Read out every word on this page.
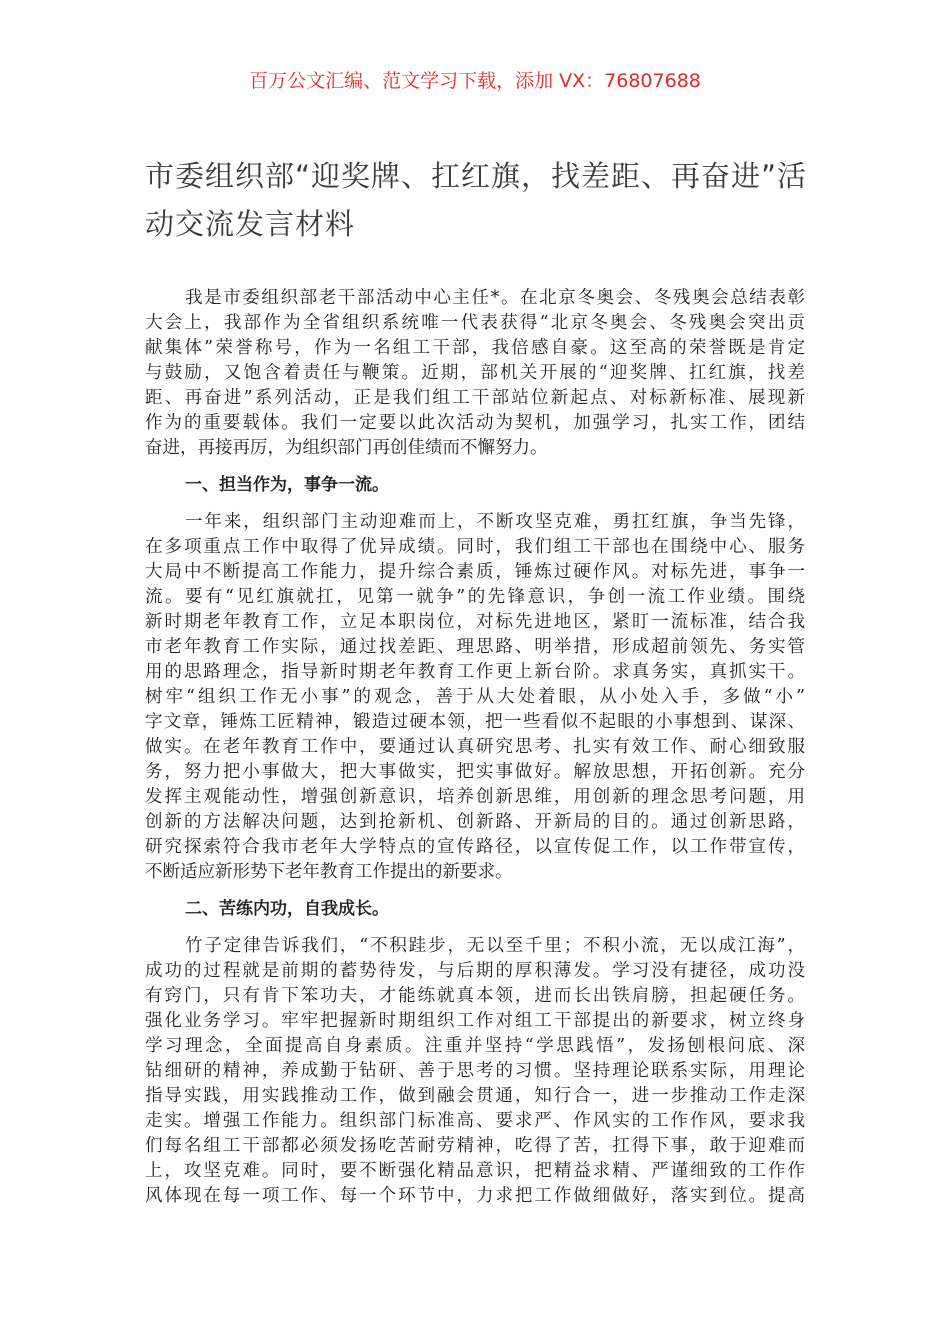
百万公文汇编、范文学习下载，添加 VX：76807688
市委组织部“迎奖牌、扛红旗，找差距、再奋进”活
动交流发言材料
我是市委组织部老干部活动中心主任*。在北京冬奥会、冬残奥会总结表彰
大会上，我部作为全省组织系统唯一代表获得“北京冬奥会、冬残奥会突出贡
献集体”荣誉称号，作为一名组工干部，我倍感自豪。这至高的荣誉既是肯定
与鼓励，又饱含着责任与鞭策。近期，部机关开展的“迎奖牌、扛红旗，找差
距、再奋进”系列活动，正是我们组工干部站位新起点、对标新标准、展现新
作为的重要载体。我们一定要以此次活动为契机，加强学习，扎实工作，团结
奋进，再接再厉，为组织部门再创佳绩而不懈努力。
一、担当作为，事争一流。
一年来，组织部门主动迎难而上，不断攻坚克难，勇扛红旗，争当先锋，
在多项重点工作中取得了优异成绩。同时，我们组工干部也在围绕中心、服务
大局中不断提高工作能力，提升综合素质，锤炼过硬作风。对标先进，事争一
流。要有“见红旗就扛，见第一就争”的先锋意识，争创一流工作业绩。围绕
新时期老年教育工作，立足本职岗位，对标先进地区，紧盯一流标准，结合我
市老年教育工作实际，通过找差距、理思路、明举措，形成超前领先、务实管
用的思路理念，指导新时期老年教育工作更上新台阶。求真务实，真抓实干。
树牢“组织工作无小事”的观念，善于从大处着眼，从小处入手，多做“小”
字文章，锤炼工匠精神，锻造过硬本领，把一些看似不起眼的小事想到、谋深、
做实。在老年教育工作中，要通过认真研究思考、扎实有效工作、耐心细致服
务，努力把小事做大，把大事做实，把实事做好。解放思想，开拓创新。充分
发挥主观能动性，增强创新意识，培养创新思维，用创新的理念思考问题，用
创新的方法解决问题，达到抢新机、创新路、开新局的目的。通过创新思路，
研究探索符合我市老年大学特点的宣传路径，以宣传促工作，以工作带宣传，
不断适应新形势下老年教育工作提出的新要求。
二、苦练内功，自我成长。
竹子定律告诉我们，“不积跬步，无以至千里；不积小流，无以成江海”，
成功的过程就是前期的蓄势待发，与后期的厚积薄发。学习没有捷径，成功没
有窍门，只有肯下笨功夫，才能练就真本领，进而长出铁肩膀，担起硬任务。
强化业务学习。牢牢把握新时期组织工作对组工干部提出的新要求，树立终身
学习理念，全面提高自身素质。注重并坚持“学思践悟”，发扬刨根问底、深
钻细研的精神，养成勤于钻研、善于思考的习惯。坚持理论联系实际，用理论
指导实践，用实践推动工作，做到融会贯通，知行合一，进一步推动工作走深
走实。增强工作能力。组织部门标准高、要求严、作风实的工作作风，要求我
们每名组工干部都必须发扬吃苦耐劳精神，吃得了苦，扛得下事，敢于迎难而
上，攻坚克难。同时，要不断强化精品意识，把精益求精、严谨细致的工作作
风体现在每一项工作、每一个环节中，力求把工作做细做好，落实到位。提高
